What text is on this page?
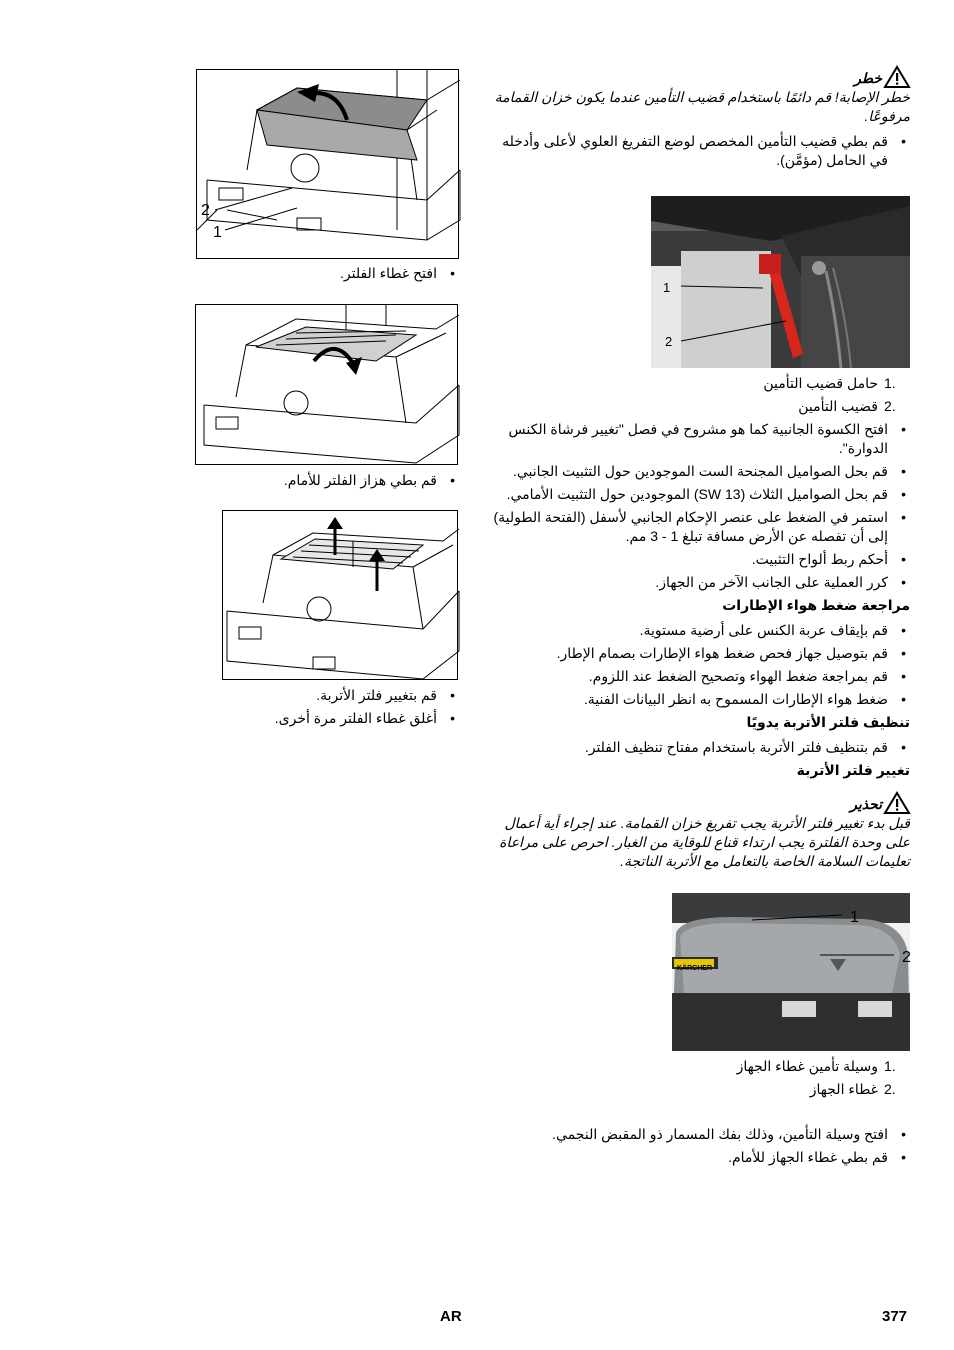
خطر

خطر الإصابة! قم دائمًا باستخدام قضيب التأمين عندما يكون خزان القمامة مرفوعًا.

• قم بطي قضيب التأمين المخصص لوضع التفريغ العلوي لأعلى وأدخله في الحامل (مؤمَّن).
1
2
1.
حامل قضيب التأمين
2.
قضيب التأمين
• افتح الكسوة الجانبية كما هو مشروح في فصل "تغيير فرشاة الكنس الدوارة".
• قم بحل الصواميل المجنحة الست الموجودين حول التثبيت الجانبي.
• قم بحل الصواميل الثلاث (SW 13) الموجودين حول التثبيت الأمامي.
• استمر في الضغط على عنصر الإحكام الجانبي لأسفل (الفتحة الطولية) إلى أن تفصله عن الأرض مسافة تبلغ 1 - 3 مم.
• أحكم ربط ألواح التثبيت.
• كرر العملية على الجانب الآخر من الجهاز.
مراجعة ضغط هواء الإطارات
• قم بإيقاف عربة الكنس على أرضية مستوية.
• قم بتوصيل جهاز فحص ضغط هواء الإطارات بصمام الإطار.
• قم بمراجعة ضغط الهواء وتصحيح الضغط عند اللزوم.
• ضغط هواء الإطارات المسموح به انظر البيانات الفنية.
تنظيف فلتر الأتربة يدويًا
• قم بتنظيف فلتر الأتربة باستخدام مفتاح تنظيف الفلتر.
تغيير فلتر الأتربة
تحذير

قبل بدء تغيير فلتر الأتربة يجب تفريغ خزان القمامة. عند إجراء أية أعمال على وحدة الفلترة يجب ارتداء قناع للوقاية من الغبار. احرص على مراعاة تعليمات السلامة الخاصة بالتعامل مع الأتربة الناتجة.

KÄRCHER
1
2
1.
وسيلة تأمين غطاء الجهاز
2.
غطاء الجهاز
• افتح وسيلة التأمين، وذلك بفك المسمار ذو المقبض النجمي.
• قم بطي غطاء الجهاز للأمام.
2
1
• افتح غطاء الفلتر.
• قم بطي هزاز الفلتر للأمام.
• قم بتغيير فلتر الأتربة.
• أغلق غطاء الفلتر مرة أخرى.
AR	377
